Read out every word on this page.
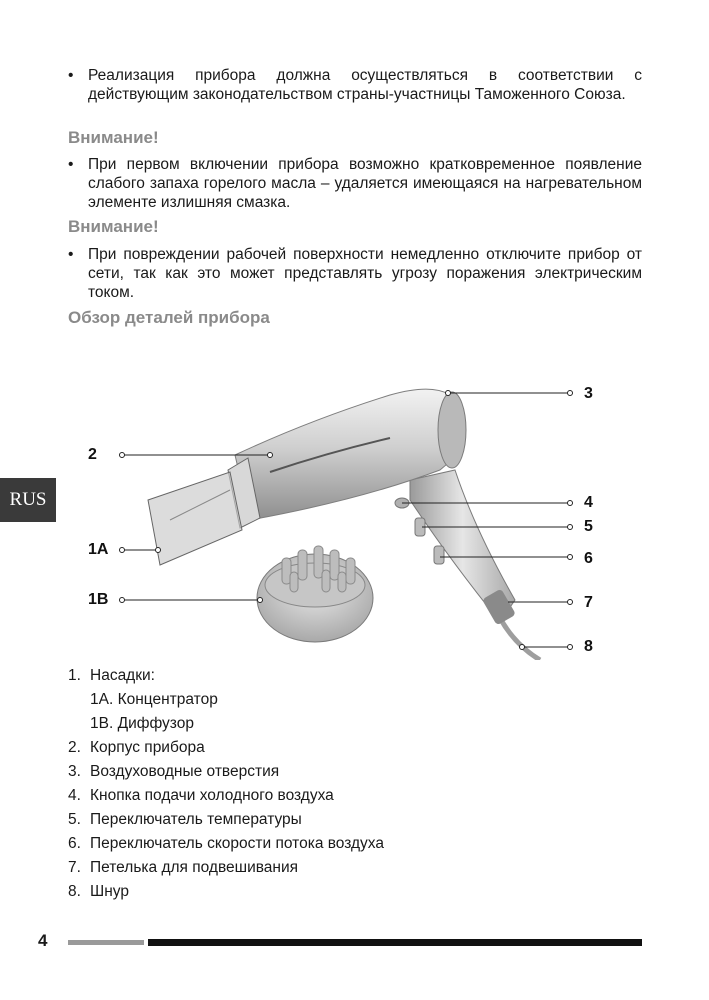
• Реализация прибора должна осуществляться в соответствии с действующим законодательством страны-участницы Таможенного Союза.
Внимание!
• При первом включении прибора возможно кратковременное появление слабого запаха горелого масла – удаляется имеющаяся на нагревательном элементе излишняя смазка.
Внимание!
• При повреждении рабочей поверхности немедленно отключите прибор от сети, так как это может представлять угрозу поражения электрическим током.
Обзор деталей прибора
RUS
2
1A
1B
3
4
5
6
7
8
1. Насадки:
1A. Концентратор
1B. Диффузор
2. Корпус прибора
3. Воздуховодные отверстия
4. Кнопка подачи холодного воздуха
5. Переключатель температуры
6. Переключатель скорости потока воздуха
7. Петелька для подвешивания
8. Шнур
4
